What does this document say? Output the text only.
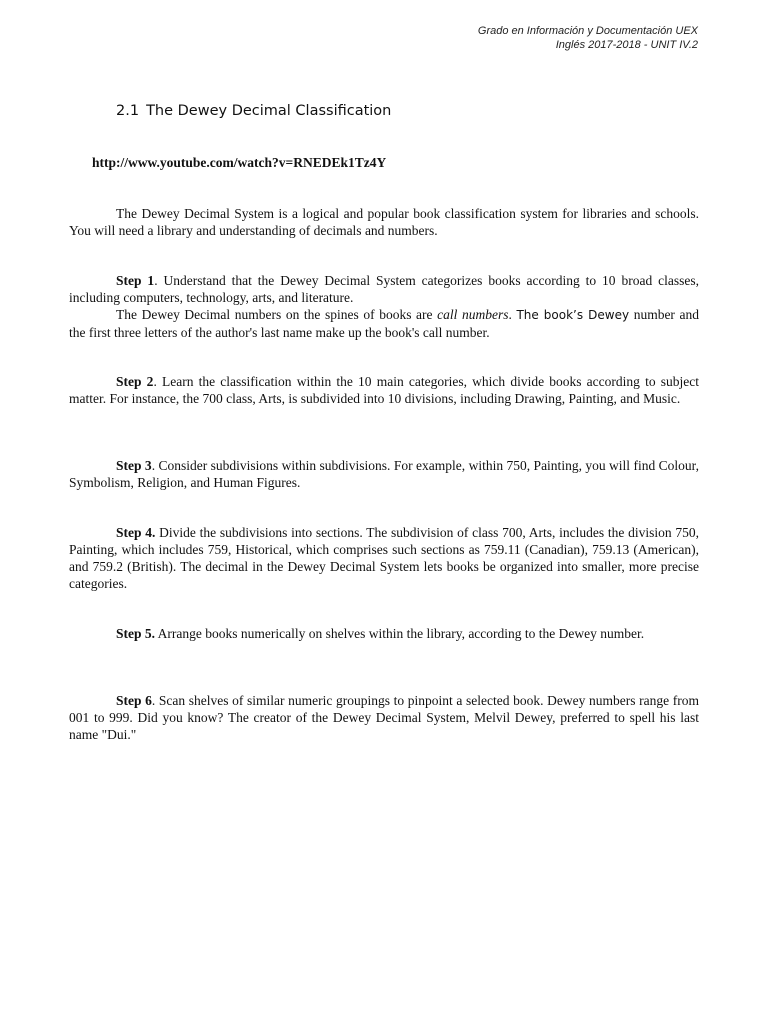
Grado en Información y Documentación UEX
Inglés 2017-2018 - UNIT IV.2
2.1 The Dewey Decimal Classification
http://www.youtube.com/watch?v=RNEDEk1Tz4Y

The Dewey Decimal System is a logical and popular book classification system for libraries and schools. You will need a library and understanding of decimals and numbers.

Step 1. Understand that the Dewey Decimal System categorizes books according to 10 broad classes, including computers, technology, arts, and literature.

The Dewey Decimal numbers on the spines of books are call numbers. The book’s Dewey number and the first three letters of the author's last name make up the book's call number.

Step 2. Learn the classification within the 10 main categories, which divide books according to subject matter. For instance, the 700 class, Arts, is subdivided into 10 divisions, including Drawing, Painting, and Music.

Step 3. Consider subdivisions within subdivisions. For example, within 750, Painting, you will find Colour, Symbolism, Religion, and Human Figures.

Step 4. Divide the subdivisions into sections. The subdivision of class 700, Arts, includes the division 750, Painting, which includes 759, Historical, which comprises such sections as 759.11 (Canadian), 759.13 (American), and 759.2 (British). The decimal in the Dewey Decimal System lets books be organized into smaller, more precise categories.

Step 5. Arrange books numerically on shelves within the library, according to the Dewey number.

Step 6. Scan shelves of similar numeric groupings to pinpoint a selected book. Dewey numbers range from 001 to 999. Did you know? The creator of the Dewey Decimal System, Melvil Dewey, preferred to spell his last name "Dui."
